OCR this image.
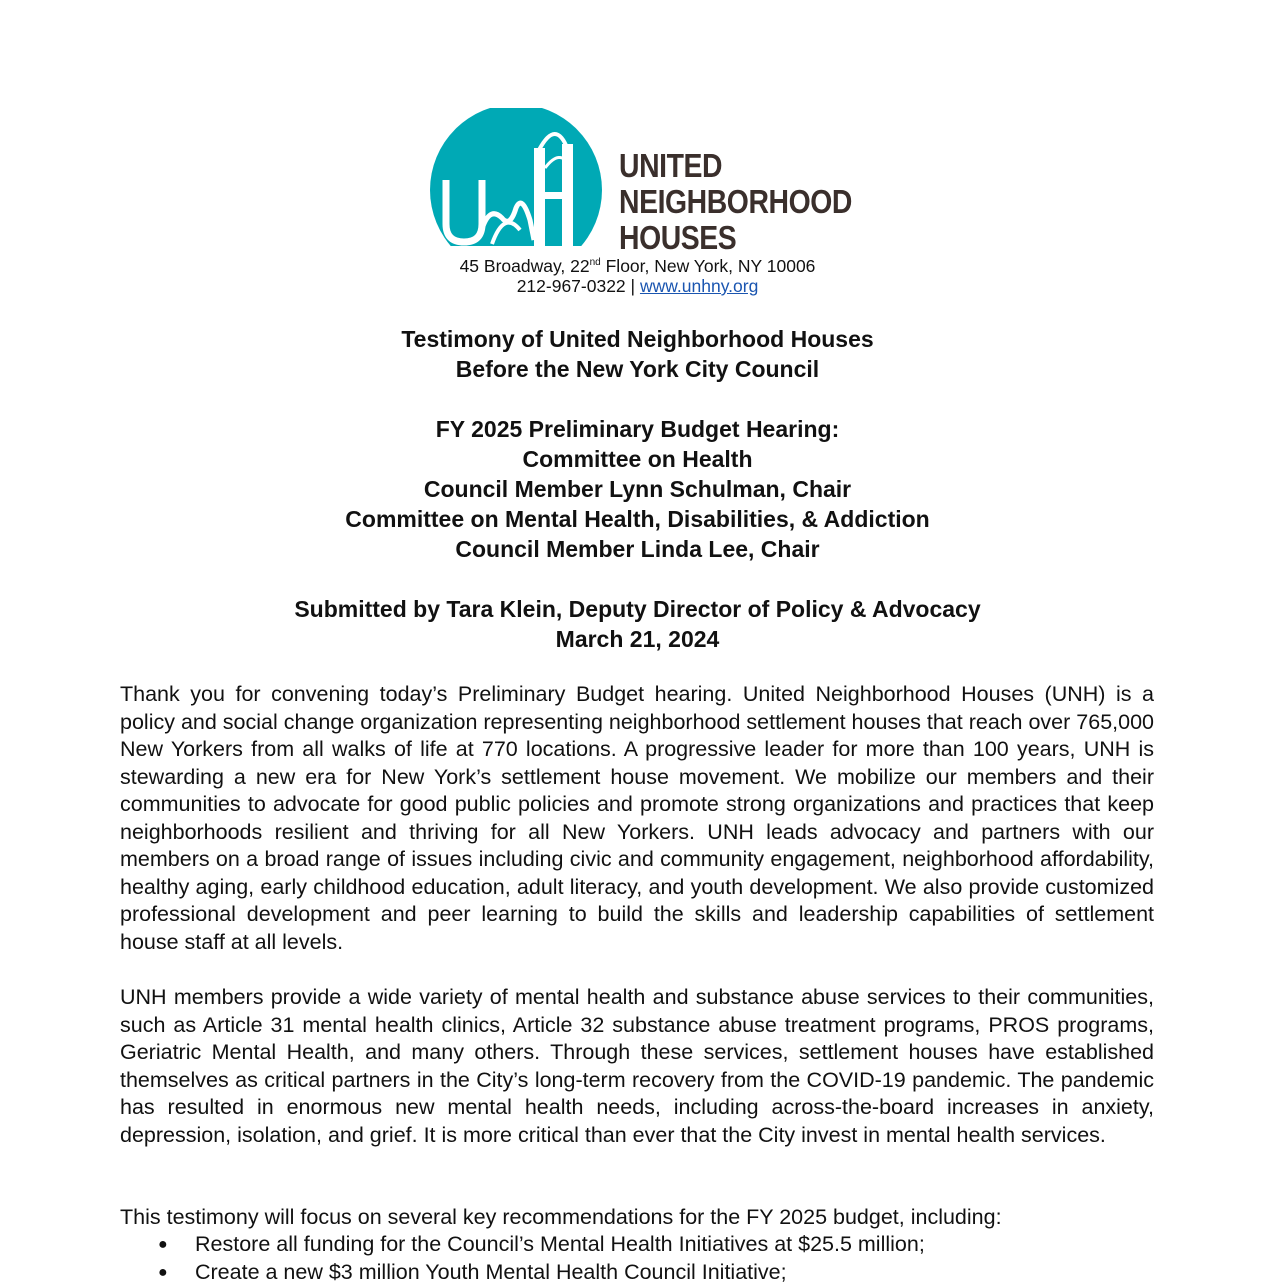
UNITED

NEIGHBORHOOD

HOUSES

45 Broadway, 22nd Floor, New York, NY 10006
212-967-0322 | www.unhny.org

Testimony of United Neighborhood Houses

Before the New York City Council

FY 2025 Preliminary Budget Hearing:

Committee on Health

Council Member Lynn Schulman, Chair

Committee on Mental Health, Disabilities, & Addiction

Council Member Linda Lee, Chair

Submitted by Tara Klein, Deputy Director of Policy & Advocacy

March 21, 2024

Thank you for convening today’s Preliminary Budget hearing. United Neighborhood Houses (UNH) is a policy and social change organization representing neighborhood settlement houses that reach over 765,000 New Yorkers from all walks of life at 770 locations. A progressive leader for more than 100 years, UNH is stewarding a new era for New York’s settlement house movement. We mobilize our members and their communities to advocate for good public policies and promote strong organizations and practices that keep neighborhoods resilient and thriving for all New Yorkers. UNH leads advocacy and partners with our members on a broad range of issues including civic and community engagement, neighborhood affordability, healthy aging, early childhood education, adult literacy, and youth development. We also provide customized professional development and peer learning to build the skills and leadership capabilities of settlement house staff at all levels.

UNH members provide a wide variety of mental health and substance abuse services to their communities, such as Article 31 mental health clinics, Article 32 substance abuse treatment programs, PROS programs, Geriatric Mental Health, and many others. Through these services, settlement houses have established themselves as critical partners in the City’s long-term recovery from the COVID-19 pandemic. The pandemic has resulted in enormous new mental health needs, including across-the-board increases in anxiety, depression, isolation, and grief. It is more critical than ever that the City invest in mental health services.

This testimony will focus on several key recommendations for the FY 2025 budget, including:

● Restore all funding for the Council’s Mental Health Initiatives at $25.5 million;
● Create a new $3 million Youth Mental Health Council Initiative;
